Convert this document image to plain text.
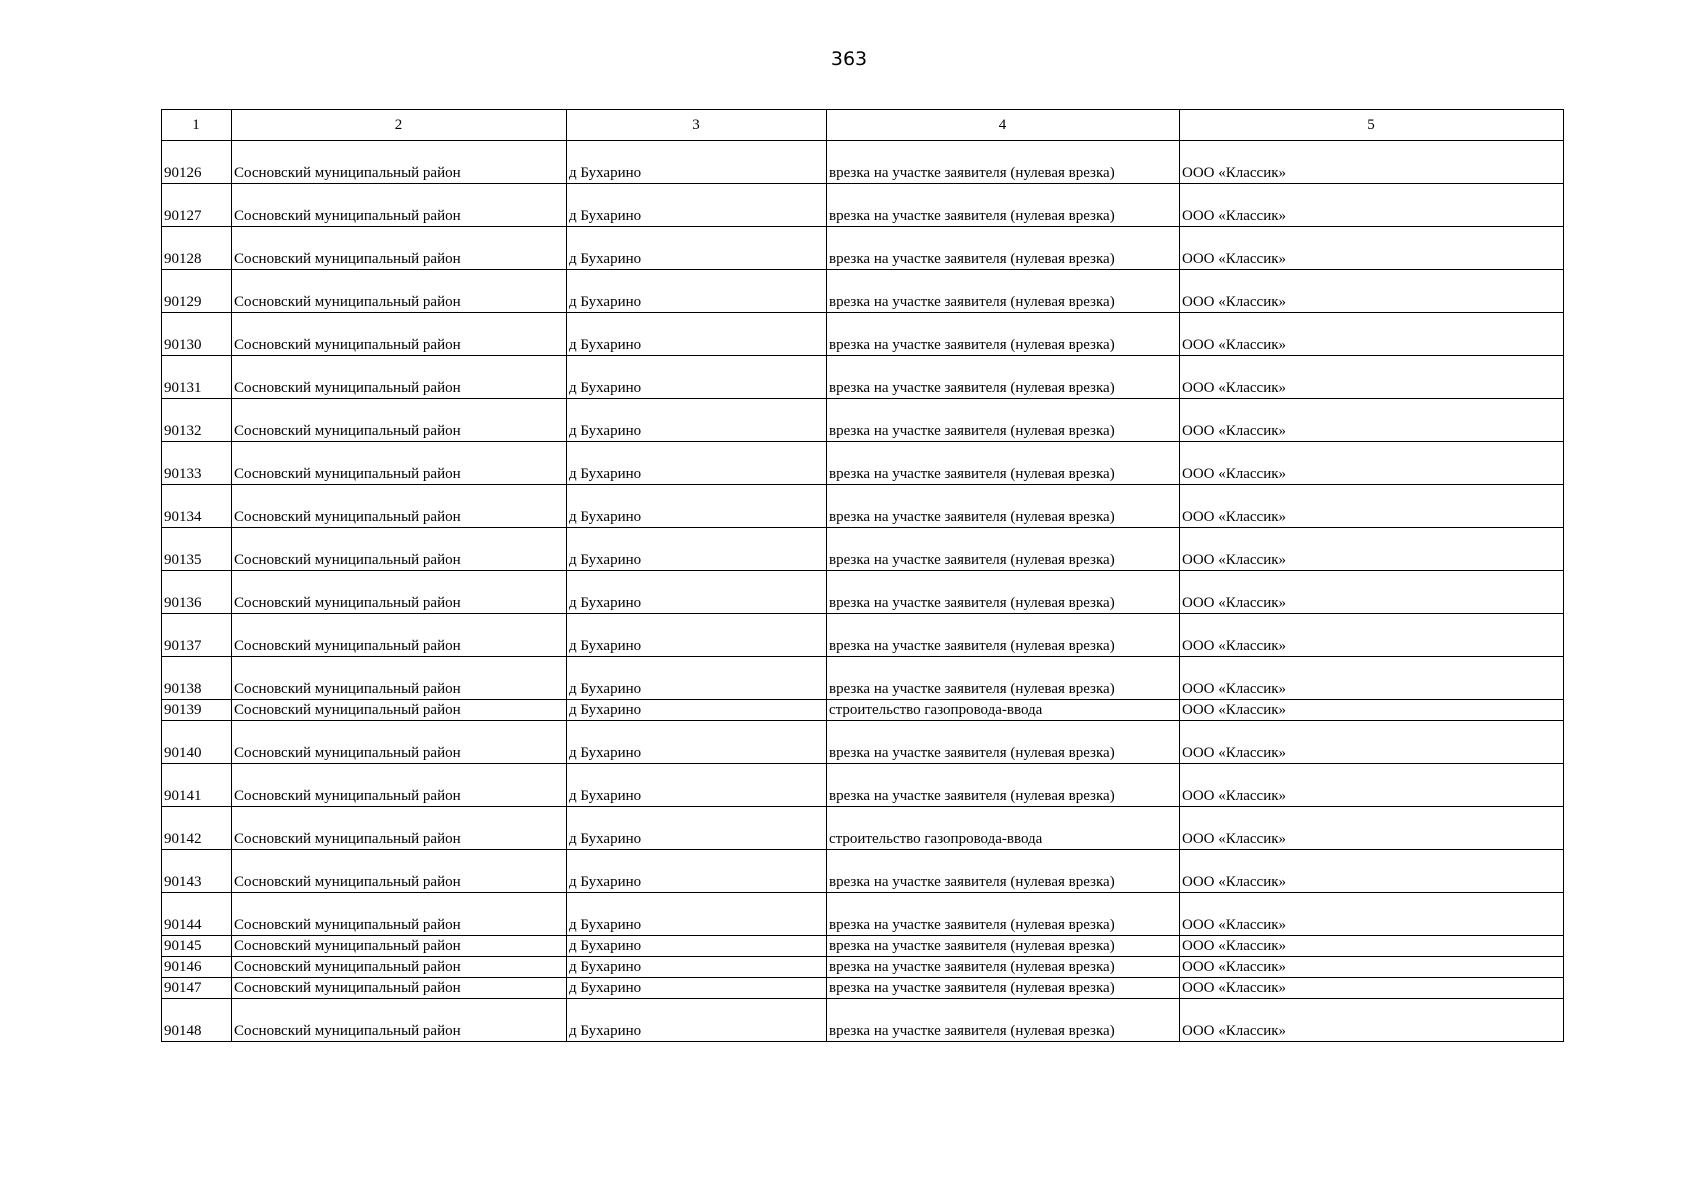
363
1	2	3	4	5
90126	Сосновский муниципальный район	д Бухарино	врезка на участке заявителя (нулевая врезка)	ООО «Классик»
90127	Сосновский муниципальный район	д Бухарино	врезка на участке заявителя (нулевая врезка)	ООО «Классик»
90128	Сосновский муниципальный район	д Бухарино	врезка на участке заявителя (нулевая врезка)	ООО «Классик»
90129	Сосновский муниципальный район	д Бухарино	врезка на участке заявителя (нулевая врезка)	ООО «Классик»
90130	Сосновский муниципальный район	д Бухарино	врезка на участке заявителя (нулевая врезка)	ООО «Классик»
90131	Сосновский муниципальный район	д Бухарино	врезка на участке заявителя (нулевая врезка)	ООО «Классик»
90132	Сосновский муниципальный район	д Бухарино	врезка на участке заявителя (нулевая врезка)	ООО «Классик»
90133	Сосновский муниципальный район	д Бухарино	врезка на участке заявителя (нулевая врезка)	ООО «Классик»
90134	Сосновский муниципальный район	д Бухарино	врезка на участке заявителя (нулевая врезка)	ООО «Классик»
90135	Сосновский муниципальный район	д Бухарино	врезка на участке заявителя (нулевая врезка)	ООО «Классик»
90136	Сосновский муниципальный район	д Бухарино	врезка на участке заявителя (нулевая врезка)	ООО «Классик»
90137	Сосновский муниципальный район	д Бухарино	врезка на участке заявителя (нулевая врезка)	ООО «Классик»
90138	Сосновский муниципальный район	д Бухарино	врезка на участке заявителя (нулевая врезка)	ООО «Классик»
90139	Сосновский муниципальный район	д Бухарино	строительство газопровода-ввода	ООО «Классик»
90140	Сосновский муниципальный район	д Бухарино	врезка на участке заявителя (нулевая врезка)	ООО «Классик»
90141	Сосновский муниципальный район	д Бухарино	врезка на участке заявителя (нулевая врезка)	ООО «Классик»
90142	Сосновский муниципальный район	д Бухарино	строительство газопровода-ввода	ООО «Классик»
90143	Сосновский муниципальный район	д Бухарино	врезка на участке заявителя (нулевая врезка)	ООО «Классик»
90144	Сосновский муниципальный район	д Бухарино	врезка на участке заявителя (нулевая врезка)	ООО «Классик»
90145	Сосновский муниципальный район	д Бухарино	врезка на участке заявителя (нулевая врезка)	ООО «Классик»
90146	Сосновский муниципальный район	д Бухарино	врезка на участке заявителя (нулевая врезка)	ООО «Классик»
90147	Сосновский муниципальный район	д Бухарино	врезка на участке заявителя (нулевая врезка)	ООО «Классик»
90148	Сосновский муниципальный район	д Бухарино	врезка на участке заявителя (нулевая врезка)	ООО «Классик»
